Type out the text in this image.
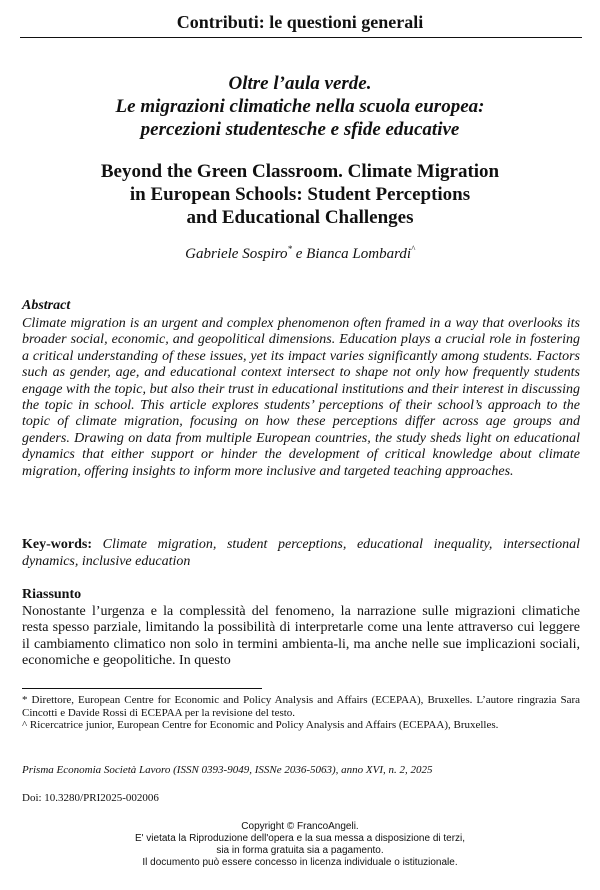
Contributi: le questioni generali
Oltre l’aula verde.
Le migrazioni climatiche nella scuola europea:
percezioni studentesche e sfide educative
Beyond the Green Classroom. Climate Migration
in European Schools: Student Perceptions
and Educational Challenges
Gabriele Sospiro* e Bianca Lombardi^
Abstract
Climate migration is an urgent and complex phenomenon often framed in a way that overlooks its broader social, economic, and geopolitical dimensions. Education plays a crucial role in fostering a critical understanding of these issues, yet its impact varies significantly among students. Factors such as gender, age, and educational context intersect to shape not only how frequently students engage with the topic, but also their trust in educational institutions and their interest in discussing the topic in school. This article explores students’ perceptions of their school’s approach to the topic of climate migration, focusing on how these perceptions differ across age groups and genders. Drawing on data from multiple European countries, the study sheds light on educational dynamics that either support or hinder the development of critical knowledge about climate migration, offering insights to inform more inclusive and targeted teaching approaches.
Key-words: Climate migration, student perceptions, educational inequality, intersectional dynamics, inclusive education
Riassunto
Nonostante l’urgenza e la complessità del fenomeno, la narrazione sulle migrazioni climatiche resta spesso parziale, limitando la possibilità di interpretarle come una lente attraverso cui leggere il cambiamento climatico non solo in termini ambienta-li, ma anche nelle sue implicazioni sociali, economiche e geopolitiche. In questo

* Direttore, European Centre for Economic and Policy Analysis and Affairs (ECEPAA), Bruxelles. L’autore ringrazia Sara Cincotti e Davide Rossi di ECEPAA per la revisione del testo.

^ Ricercatrice junior, European Centre for Economic and Policy Analysis and Affairs (ECEPAA), Bruxelles.

Prisma Economia Società Lavoro (ISSN 0393-9049, ISSNe 2036-5063), anno XVI, n. 2, 2025
Doi: 10.3280/PRI2025-002006
Copyright © FrancoAngeli.
E' vietata la Riproduzione dell'opera e la sua messa a disposizione di terzi,
sia in forma gratuita sia a pagamento.
Il documento può essere concesso in licenza individuale o istituzionale.
